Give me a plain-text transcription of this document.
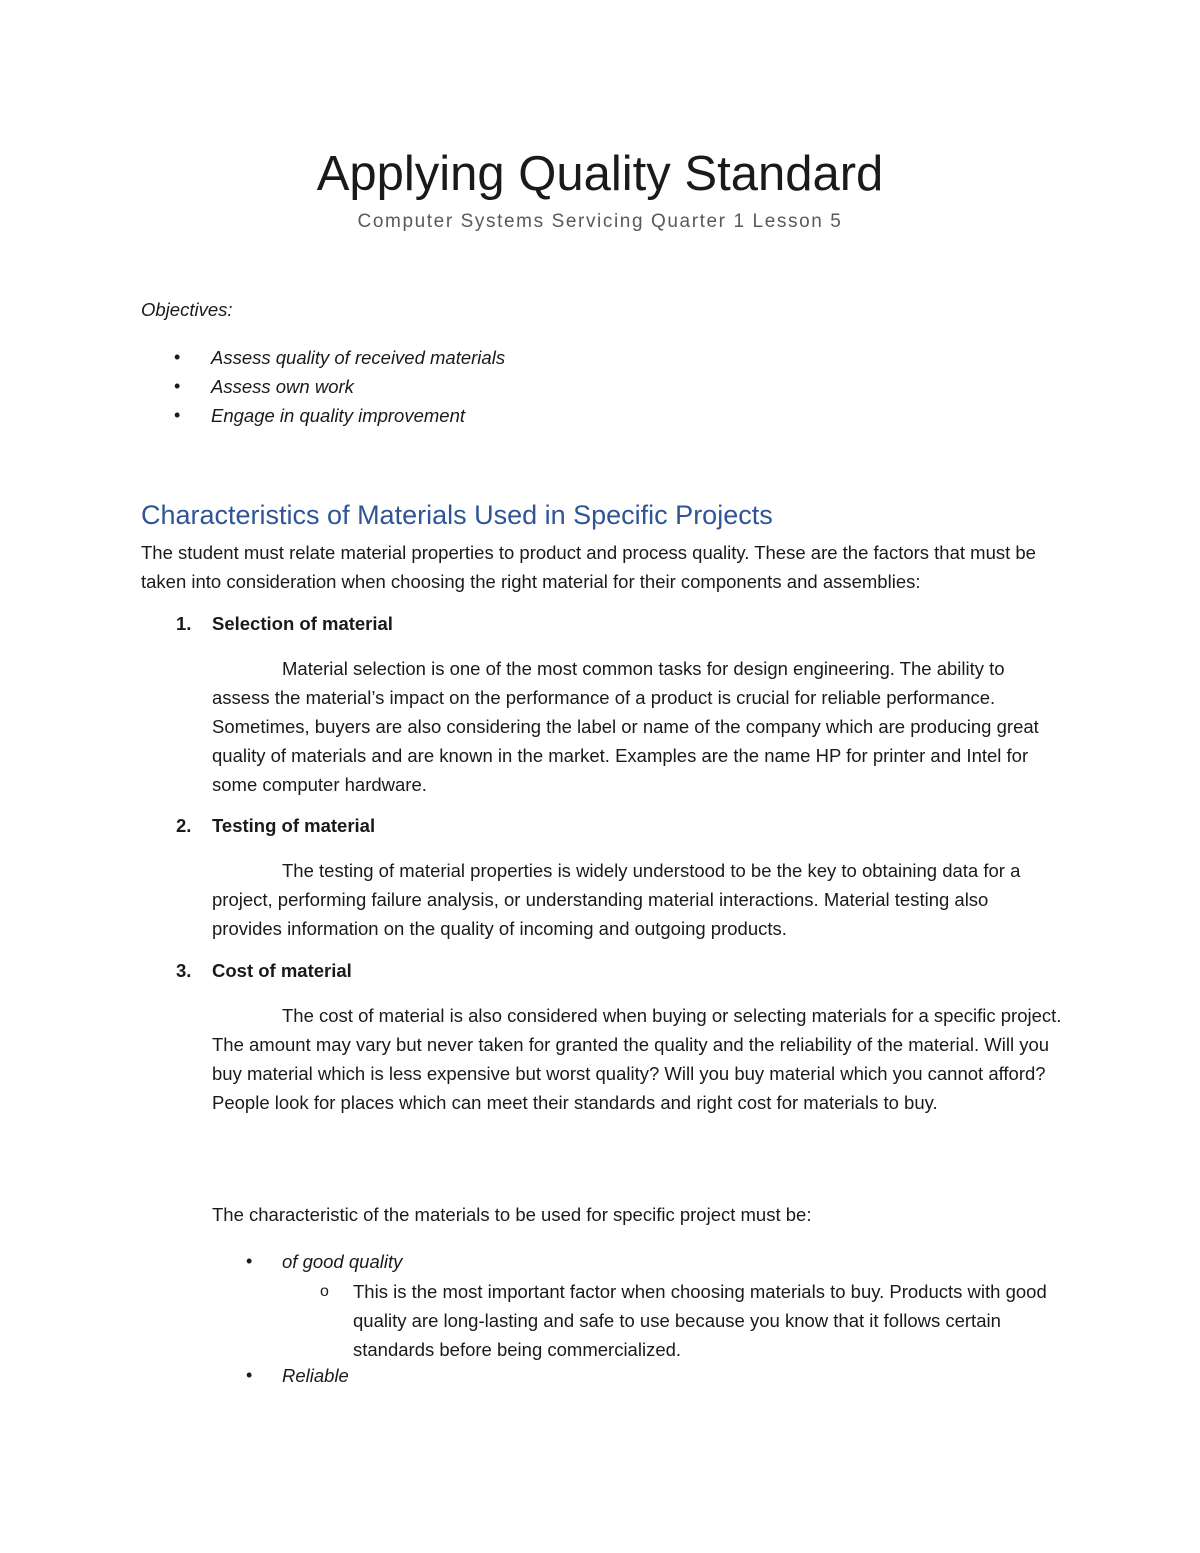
Applying Quality Standard
Computer Systems Servicing Quarter 1 Lesson 5
Objectives:
• Assess quality of received materials
• Assess own work
• Engage in quality improvement
Characteristics of Materials Used in Specific Projects
The student must relate material properties to product and process quality. These are the factors that must be taken into consideration when choosing the right material for their components and assemblies:
1. Selection of material
Material selection is one of the most common tasks for design engineering. The ability to assess the material’s impact on the performance of a product is crucial for reliable performance. Sometimes, buyers are also considering the label or name of the company which are producing great quality of materials and are known in the market. Examples are the name HP for printer and Intel for some computer hardware.
2. Testing of material
The testing of material properties is widely understood to be the key to obtaining data for a project, performing failure analysis, or understanding material interactions. Material testing also provides information on the quality of incoming and outgoing products.
3. Cost of material
The cost of material is also considered when buying or selecting materials for a specific project. The amount may vary but never taken for granted the quality and the reliability of the material. Will you buy material which is less expensive but worst quality? Will you buy material which you cannot afford? People look for places which can meet their standards and right cost for materials to buy.
The characteristic of the materials to be used for specific project must be:
• of good quality
o This is the most important factor when choosing materials to buy. Products with good quality are long-lasting and safe to use because you know that it follows certain standards before being commercialized.
• Reliable
